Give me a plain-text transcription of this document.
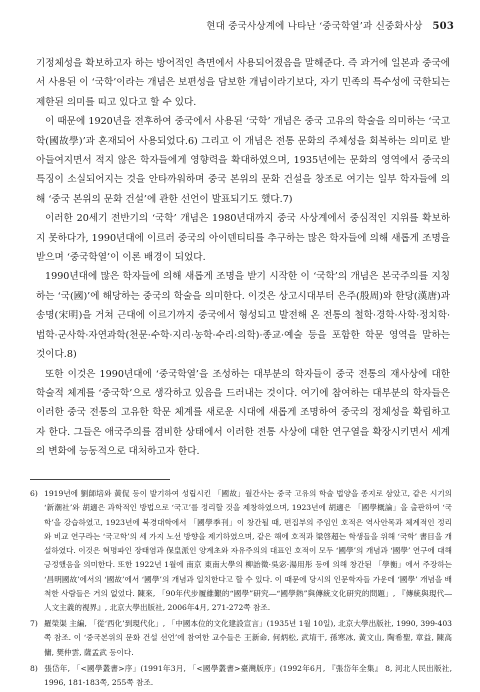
현대 중국사상계에 나타난 ‘중국학열’과 신중화사상 503

기정체성을 확보하고자 하는 방어적인 측면에서 사용되어졌음을 말해준다. 즉 과거에 일본과 중국에서 사용된 이 ‘국학’이라는 개념은 보편성을 담보한 개념이라기보다, 자기 민족의 특수성에 국한되는 제한된 의미를 띠고 있다고 할 수 있다.

이 때문에 1920년을 전후하여 중국에서 사용된 ‘국학’ 개념은 중국 고유의 학술을 의미하는 ‘국고학(國故學)’과 혼재되어 사용되었다.6) 그리고 이 개념은 전통 문화의 주체성을 회복하는 의미로 받아들여지면서 적지 않은 학자들에게 영향력을 확대하였으며, 1935년에는 문화의 영역에서 중국의 특징이 소실되어지는 것을 안타까워하며 중국 본위의 문화 건설을 창조로 여기는 일부 학자들에 의해 ‘중국 본위의 문화 건설’에 관한 선언이 발표되기도 했다.7)

이러한 20세기 전반기의 ‘국학’ 개념은 1980년대까지 중국 사상계에서 중심적인 지위를 확보하지 못하다가, 1990년대에 이르러 중국의 아이덴티티를 추구하는 많은 학자들에 의해 새롭게 조명을 받으며 ‘중국학열’이 이론 배경이 되었다.

1990년대에 많은 학자들에 의해 새롭게 조명을 받기 시작한 이 ‘국학’의 개념은 본국주의를 지칭하는 ‘국(國)’에 해당하는 중국의 학술을 의미한다. 이것은 상고시대부터 은주(殷周)와 한당(漢唐)과 송명(宋明)을 거쳐 근대에 이르기까지 중국에서 형성되고 발전해 온 전통의 철학·경학·사학·정치학·법학·군사학·자연과학(천문·수학·지리·농학·수리·의학)·종교·예술 등을 포함한 학문 영역을 말하는 것이다.8)

또한 이것은 1990년대에 ‘중국학열’을 조성하는 대부분의 학자들이 중국 전통의 재사상에 대한 학술적 체계를 ‘중국학’으로 생각하고 있음을 드러내는 것이다. 여기에 참여하는 대부분의 학자들은 이러한 중국 전통의 고유한 학문 체계를 새로운 시대에 새롭게 조명하여 중국의 정체성을 확립하고자 한다. 그들은 애국주의를 겸비한 상태에서 이러한 전통 사상에 대한 연구열을 확장시키면서 세계의 변화에 능동적으로 대처하고자 한다.

6) 1919년에 劉師培와 黃侃 등이 발기하여 성립시킨 「國故」월간사는 중국 고유의 학술 법양을 종지로 삼았고, 같은 시기의 ‘新潮社’와 胡適은 과학적인 방법으로 ‘국고’를 정리할 것을 제창하였으며, 1923년에 胡適은 「國學概論」을 출판하여 ‘국학’을 강습하였고, 1923년에 북경대학에서 「國學季刊」이 창간될 때, 편집부의 주임인 호적은 역사안목과 체계적인 정리와 비교 연구라는 ‘국고학’의 세 가지 노선 방향을 제기하였으며, 같은 해에 호적과 梁啓超는 학생들을 위해 ‘국학’ 書目을 개설하였다. 이것은 혁명파인 장태염과 保皇派인 양계초와 자유주의의 대표인 호적이 모두 ‘國學’의 개념과 ‘國學’ 연구에 대해 긍정했음을 의미한다. 또한 1922년 1월에 南京 東南大學의 柳詒徵·吳宓·湯用彤 등에 의해 창간된 「學衡」에서 주장하는 ‘昌明國故’에서의 ‘國故’에서 ‘國學’의 개념과 일치한다고 할 수 있다. 이 때문에 당시의 인문학자들 가운데 ‘國學’ 개념을 배척한 사람들은 거의 없었다. 陳來, 「90年代步履維艱的“國學”研究―“國學熱”與傳統文化研究的問題」, 『傳統與現代―人文主義的視界』, 北京大學出版社, 2006年4月, 271-272쪽 참조.
7) 羅榮渠 主編, 「從‘西化’到現代化」, 「中國本位的文化建設宣言」(1935년 1월 10일), 北京大學出版社, 1990, 399-403쪽 참조. 이 ‘중국본위의 문화 건설 선언’에 참여한 교수들은 王新命, 何炳松, 武堉干, 孫寒冰, 黃文山, 陶希聖, 章益, 陳高傭, 樊仲雲, 薩孟武 등이다.
8) 張岱年, 「<國學叢書>序」(1991年3月, 「<國學叢書>臺灣版序」(1992年6月, 『張岱年全集』 8, 河北人民出版社, 1996, 181-183쪽, 255쪽 참조.
